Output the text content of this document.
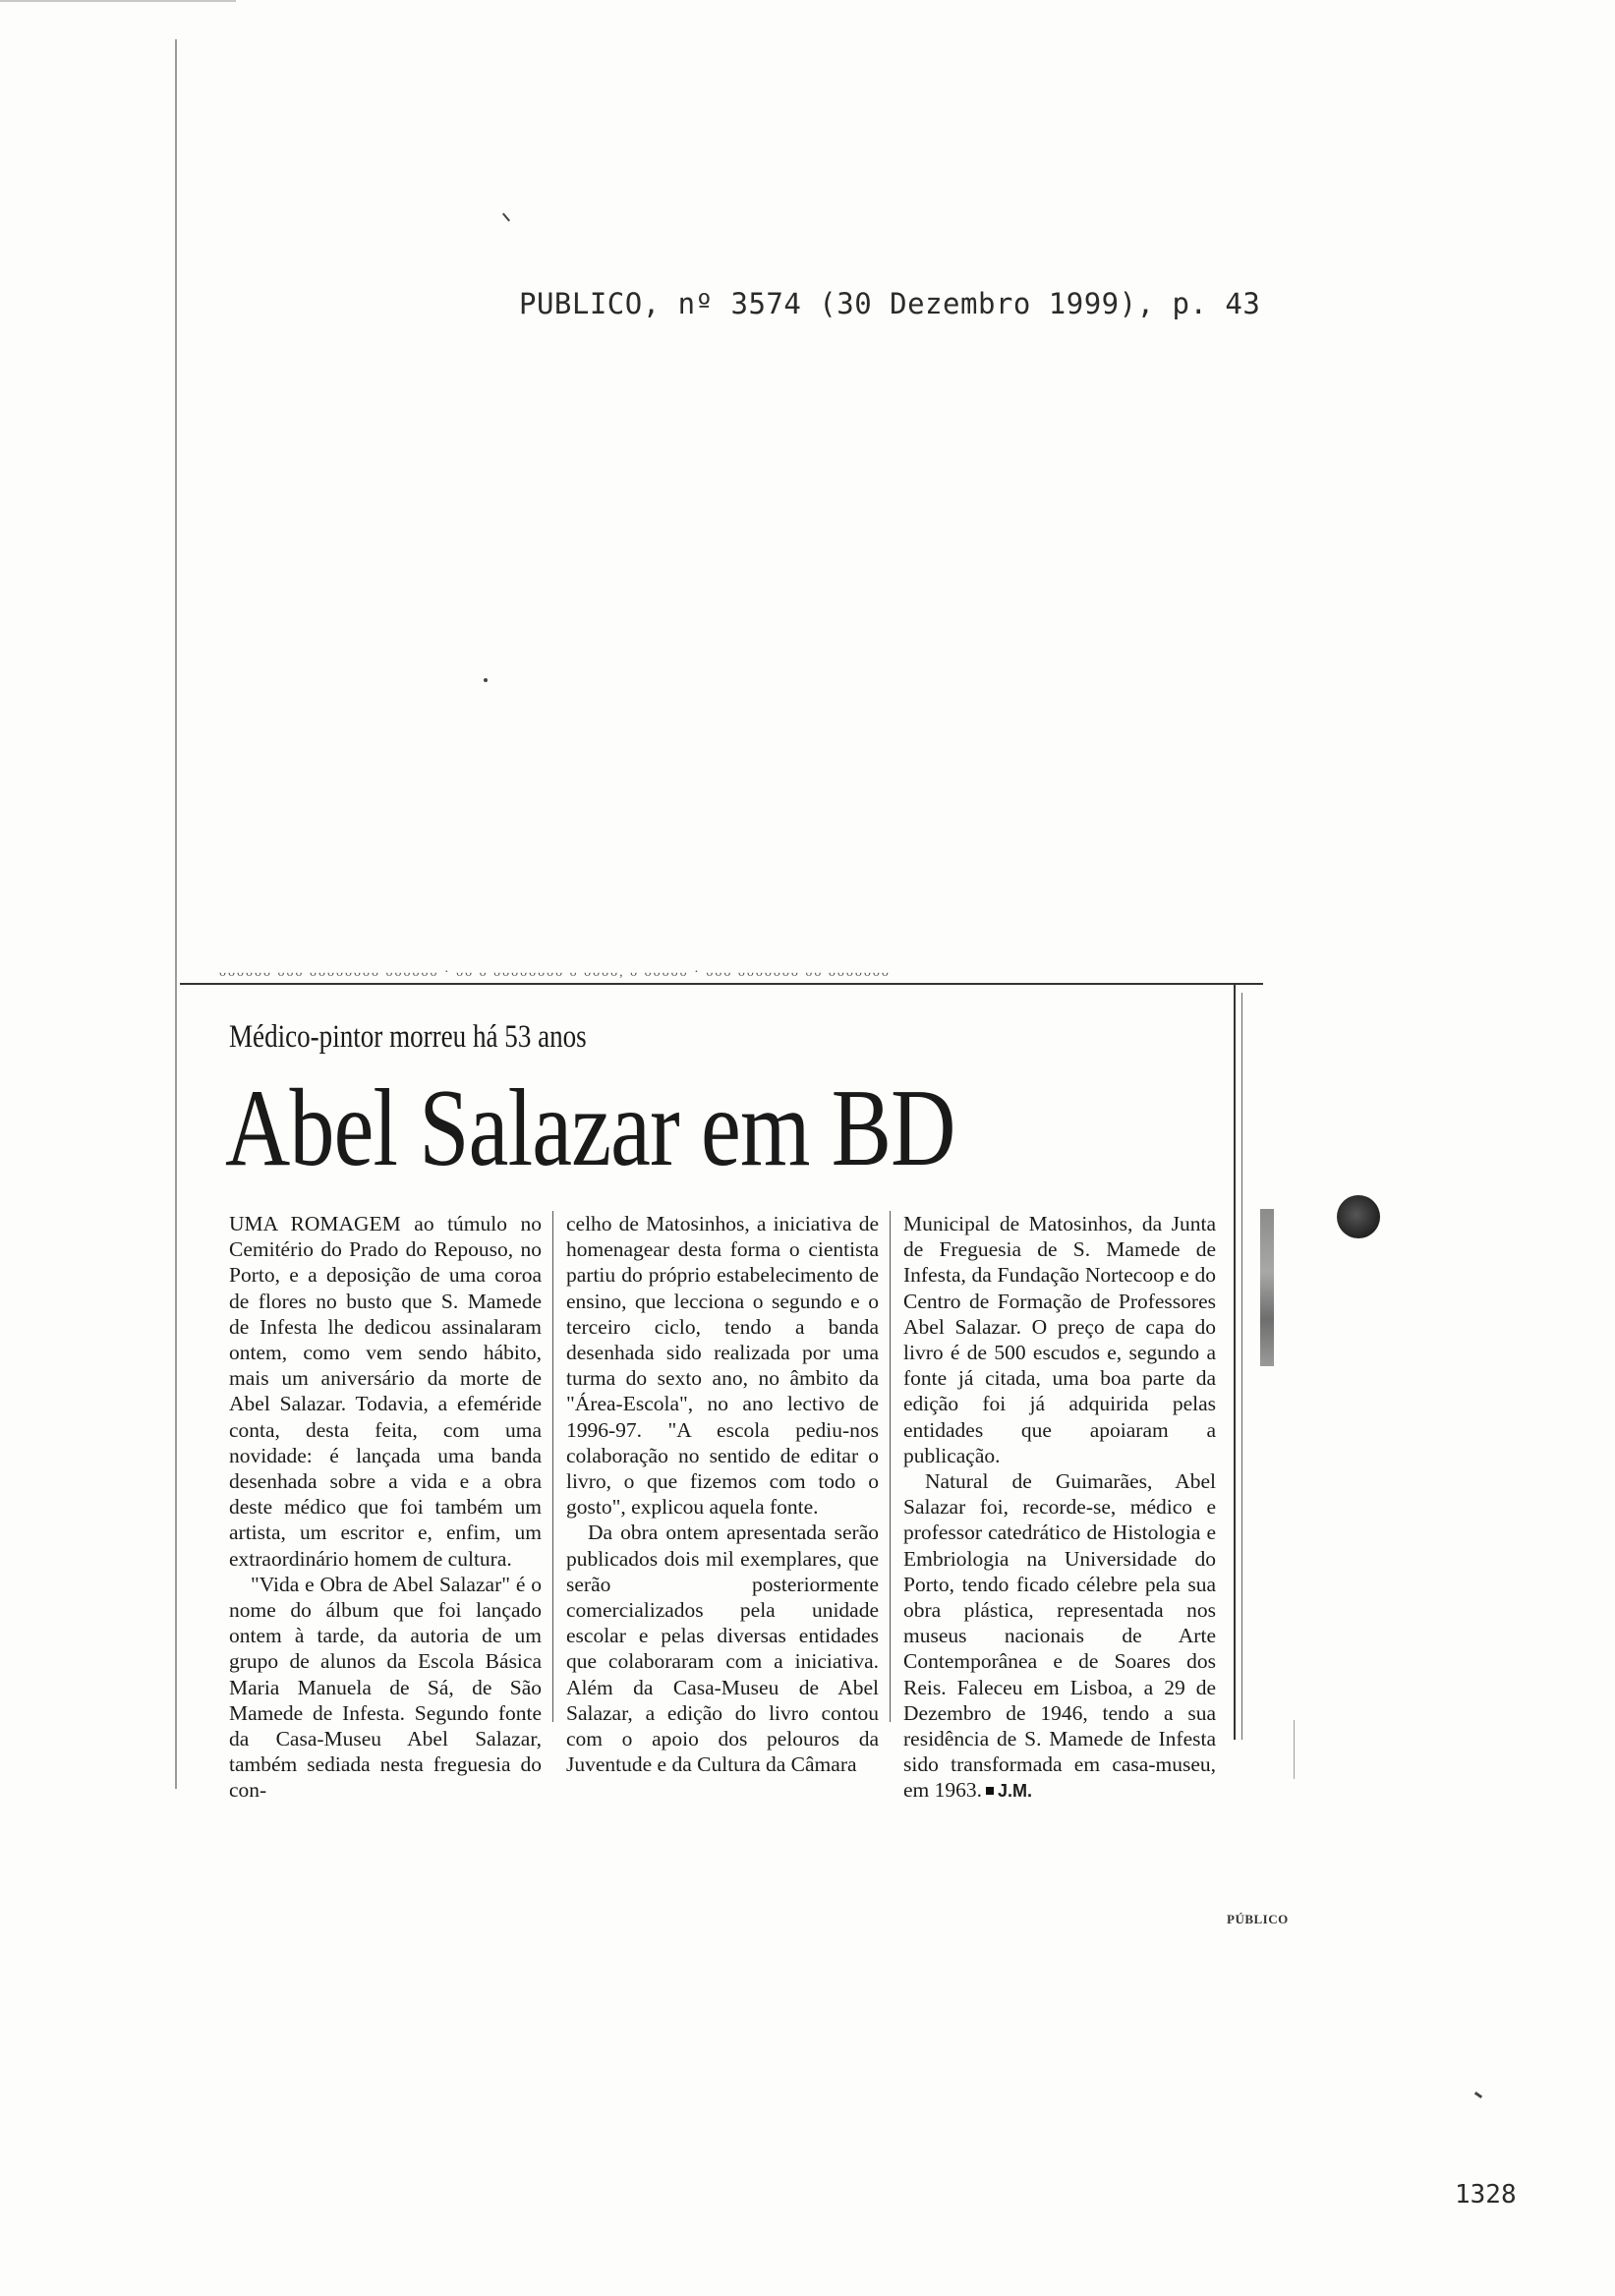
PUBLICO, nº 3574 (30 Dezembro 1999), p. 43
ᴗᴗᴗᴗᴗᴗ ᴗᴗᴗ ᴗᴗᴗᴗᴗᴗᴗᴗ ᴗᴗᴗᴗᴗᴗ · ᴗᴗ ᴗ ᴗᴗᴗᴗᴗᴗᴗᴗ ᴗ ᴗᴗᴗᴗ, ᴗ ᴗᴗᴗᴗᴗ · ᴗᴗᴗ ᴗᴗᴗᴗᴗᴗᴗ ᴗᴗ ᴗᴗᴗᴗᴗᴗᴗ
Médico-pintor morreu há 53 anos
Abel Salazar em BD

UMA ROMAGEM ao túmulo no Cemitério do Prado do Repouso, no Porto, e a deposição de uma coroa de flores no busto que S. Mamede de Infesta lhe dedicou assinalaram ontem, como vem sendo hábito, mais um aniversário da morte de Abel Salazar. Todavia, a efeméride conta, desta feita, com uma novidade: é lançada uma banda desenhada sobre a vida e a obra deste médico que foi também um artista, um escritor e, enfim, um extraordinário homem de cultura.

"Vida e Obra de Abel Salazar" é o nome do álbum que foi lançado ontem à tarde, da autoria de um grupo de alunos da Escola Básica Maria Manuela de Sá, de São Mamede de Infesta. Segundo fonte da Casa-Museu Abel Salazar, também sediada nesta freguesia do con-

celho de Matosinhos, a iniciativa de homenagear desta forma o cientista partiu do próprio estabelecimento de ensino, que lecciona o segundo e o terceiro ciclo, tendo a banda desenhada sido realizada por uma turma do sexto ano, no âmbito da "Área-Escola", no ano lectivo de 1996-97. "A escola pediu-nos colaboração no sentido de editar o livro, o que fizemos com todo o gosto", explicou aquela fonte.

Da obra ontem apresentada serão publicados dois mil exemplares, que serão posteriormente comercializados pela unidade escolar e pelas diversas entidades que colaboraram com a iniciativa. Além da Casa-Museu de Abel Salazar, a edição do livro contou com o apoio dos pelouros da Juventude e da Cultura da Câmara

Municipal de Matosinhos, da Junta de Freguesia de S. Mamede de Infesta, da Fundação Nortecoop e do Centro de Formação de Professores Abel Salazar. O preço de capa do livro é de 500 escudos e, segundo a fonte já citada, uma boa parte da edição foi já adquirida pelas entidades que apoiaram a publicação.

Natural de Guimarães, Abel Salazar foi, recorde-se, médico e professor catedrático de Histologia e Embriologia na Universidade do Porto, tendo ficado célebre pela sua obra plástica, representada nos museus nacionais de Arte Contemporânea e de Soares dos Reis. Faleceu em Lisboa, a 29 de Dezembro de 1946, tendo a sua residência de S. Mamede de Infesta sido transformada em casa-museu, em 1963. J.M.

PÚBLICO
1328
